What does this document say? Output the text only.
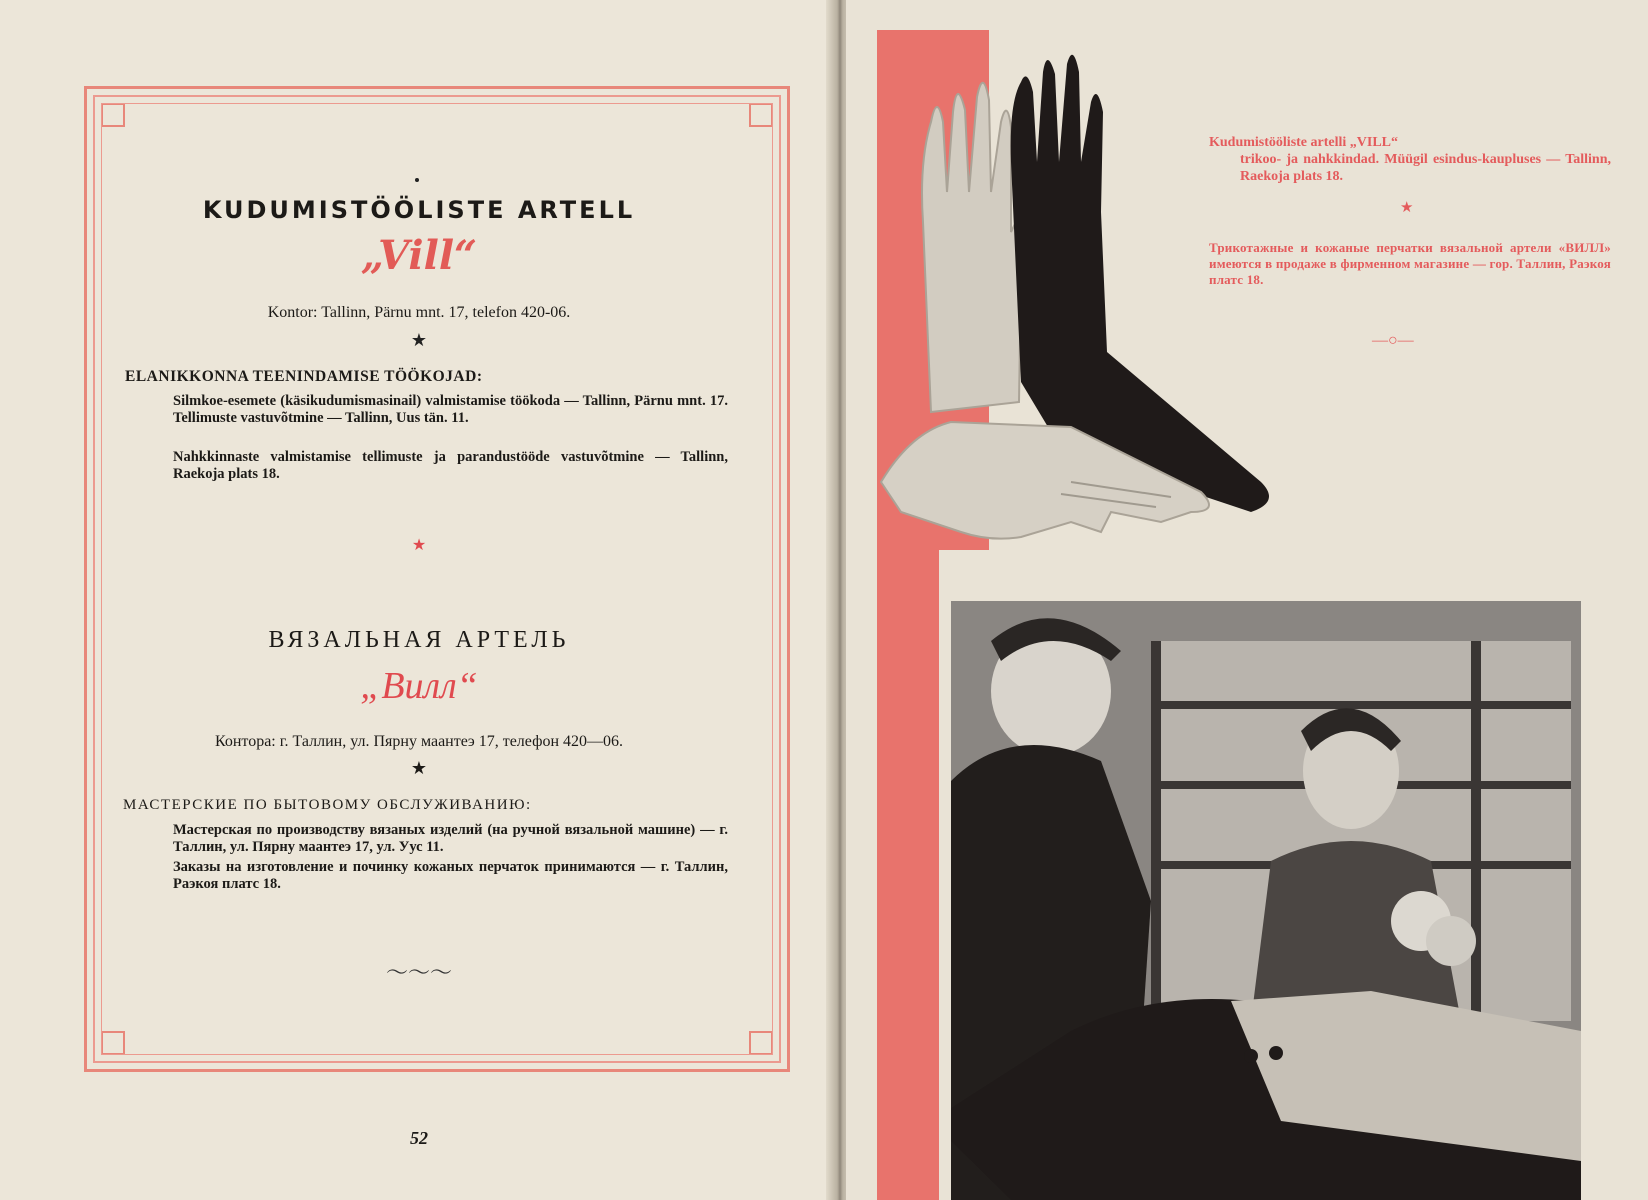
KUDUMISTÖÖLISTE ARTELL
„Vill“
Kontor: Tallinn, Pärnu mnt. 17, telefon 420-06.
★
ELANIKKONNA TEENINDAMISE TÖÖKOJAD:
Silmkoe-esemete (käsikudumismasinail) valmistamise töökoda — Tallinn, Pärnu mnt. 17. Tellimuste vastuvõtmine — Tallinn, Uus tän. 11.
Nahkkinnaste valmistamise tellimuste ja parandustööde vastuvõtmine — Tallinn, Raekoja plats 18.
★
ВЯЗАЛЬНАЯ АРТЕЛЬ
„Вилл“
Контора: г. Таллин, ул. Пярну маантеэ 17, телефон 420—06.
★
МАСТЕРСКИЕ ПО БЫТОВОМУ ОБСЛУЖИВАНИЮ:
Мастерская по производству вязаных изделий (на ручной вязальной машине) — г. Таллин, ул. Пярну маантеэ 17, ул. Уус 11.
Заказы на изготовление и починку кожаных перчаток принимаются — г. Таллин, Раэкоя платс 18.
〜〜〜
52
Kudumistööliste artelli „VILL“
trikoo- ja nahkkindad. Müügil esindus-kaupluses — Tallinn, Raekoja plats 18.
★
Трикотажные и кожаные перчатки вязальной артели «ВИЛЛ» имеются в продаже в фирменном магазине — гор. Таллин, Раэкоя платс 18.
—○—
